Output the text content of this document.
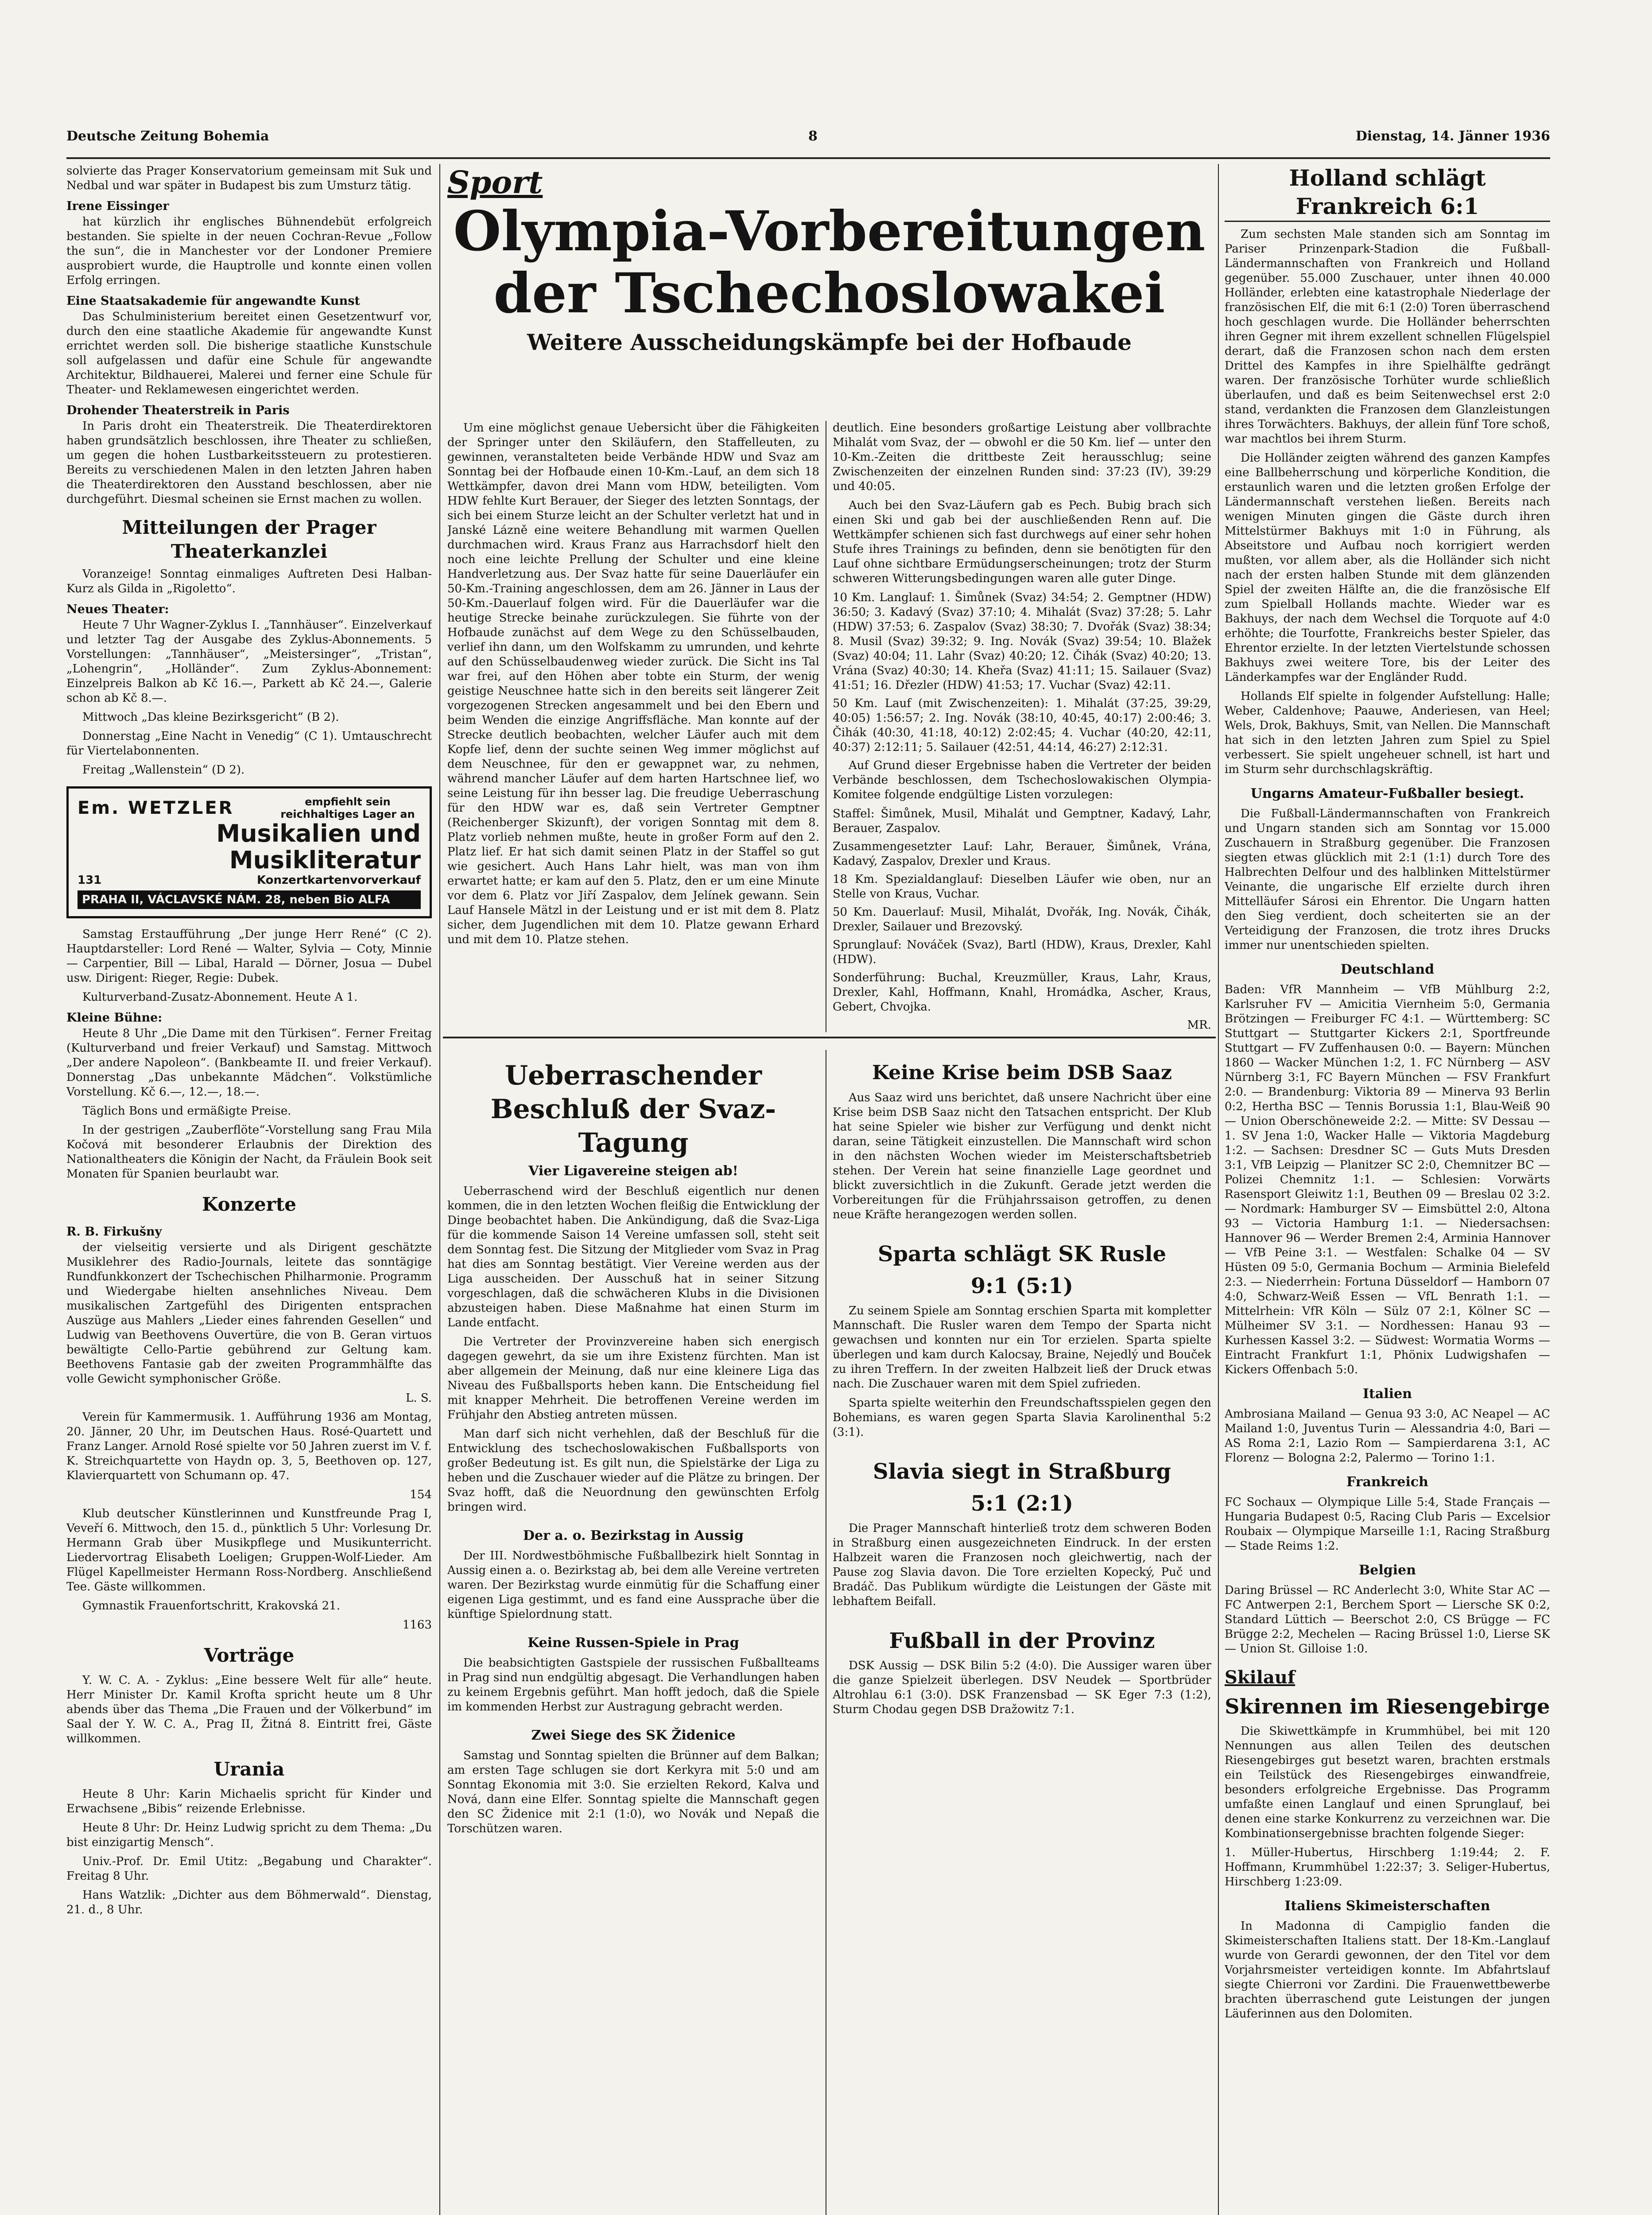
Deutsche Zeitung Bohemia	8	Dienstag, 14. Jänner 1936

solvierte das Prager Konservatorium gemeinsam mit Suk und Nedbal und war später in Budapest bis zum Umsturz tätig.

Irene Eissinger

hat kürzlich ihr englisches Bühnendebüt erfolgreich bestanden. Sie spielte in der neuen Cochran-Revue „Follow the sun“, die in Manchester vor der Londoner Premiere ausprobiert wurde, die Hauptrolle und konnte einen vollen Erfolg erringen.

Eine Staatsakademie für angewandte Kunst

Das Schulministerium bereitet einen Gesetzentwurf vor, durch den eine staatliche Akademie für angewandte Kunst errichtet werden soll. Die bisherige staatliche Kunstschule soll aufgelassen und dafür eine Schule für angewandte Architektur, Bildhauerei, Malerei und ferner eine Schule für Theater- und Reklamewesen eingerichtet werden.

Drohender Theaterstreik in Paris

In Paris droht ein Theaterstreik. Die Theaterdirektoren haben grundsätzlich beschlossen, ihre Theater zu schließen, um gegen die hohen Lustbarkeitssteuern zu protestieren. Bereits zu verschiedenen Malen in den letzten Jahren haben die Theaterdirektoren den Ausstand beschlossen, aber nie durchgeführt. Diesmal scheinen sie Ernst machen zu wollen.

Mitteilungen der Prager Theaterkanzlei

Voranzeige! Sonntag einmaliges Auftreten Desi Halban-Kurz als Gilda in „Rigoletto“.

Neues Theater:

Heute 7 Uhr Wagner-Zyklus I. „Tannhäuser“. Einzelverkauf und letzter Tag der Ausgabe des Zyklus-Abonnements. 5 Vorstellungen: „Tannhäuser“, „Meistersinger“, „Tristan“, „Lohengrin“, „Holländer“. Zum Zyklus-Abonnement: Einzelpreis Balkon ab Kč 16.—, Parkett ab Kč 24.—, Galerie schon ab Kč 8.—.

Mittwoch „Das kleine Bezirksgericht“ (B 2).

Donnerstag „Eine Nacht in Venedig“ (C 1). Umtauschrecht für Viertelabonnenten.

Freitag „Wallenstein“ (D 2).

Em. WETZLER	empfiehlt sein reichhaltiges Lager an
Musikalien und
Musikliteratur
131	Konzertkartenvorverkauf
PRAHA II, VÁCLAVSKÉ NÁM. 28, neben Bio ALFA

Samstag Erstaufführung „Der junge Herr René“ (C 2). Hauptdarsteller: Lord René — Walter, Sylvia — Coty, Minnie — Carpentier, Bill — Libal, Harald — Dörner, Josua — Dubel usw. Dirigent: Rieger, Regie: Dubek.

Kulturverband-Zusatz-Abonnement. Heute A 1.

Kleine Bühne:

Heute 8 Uhr „Die Dame mit den Türkisen“. Ferner Freitag (Kulturverband und freier Verkauf) und Samstag. Mittwoch „Der andere Napoleon“. (Bankbeamte II. und freier Verkauf). Donnerstag „Das unbekannte Mädchen“. Volkstümliche Vorstellung. Kč 6.—, 12.—, 18.—.

Täglich Bons und ermäßigte Preise.

In der gestrigen „Zauberflöte“-Vorstellung sang Frau Mila Kočová mit besonderer Erlaubnis der Direktion des Nationaltheaters die Königin der Nacht, da Fräulein Book seit Monaten für Spanien beurlaubt war.

Konzerte
R. B. Firkušny

der vielseitig versierte und als Dirigent geschätzte Musiklehrer des Radio-Journals, leitete das sonntägige Rundfunkkonzert der Tschechischen Philharmonie. Programm und Wiedergabe hielten ansehnliches Niveau. Dem musikalischen Zartgefühl des Dirigenten entsprachen Auszüge aus Mahlers „Lieder eines fahrenden Gesellen“ und Ludwig van Beethovens Ouvertüre, die von B. Geran virtuos bewältigte Cello-Partie gebührend zur Geltung kam. Beethovens Fantasie gab der zweiten Programmhälfte das volle Gewicht symphonischer Größe.

L. S.

Verein für Kammermusik. 1. Aufführung 1936 am Montag, 20. Jänner, 20 Uhr, im Deutschen Haus. Rosé-Quartett und Franz Langer. Arnold Rosé spielte vor 50 Jahren zuerst im V. f. K. Streichquartette von Haydn op. 3, 5, Beethoven op. 127, Klavierquartett von Schumann op. 47.

154

Klub deutscher Künstlerinnen und Kunstfreunde Prag I, Veveří 6. Mittwoch, den 15. d., pünktlich 5 Uhr: Vorlesung Dr. Hermann Grab über Musikpflege und Musikunterricht. Liedervortrag Elisabeth Loeligen; Gruppen-Wolf-Lieder. Am Flügel Kapellmeister Hermann Ross-Nordberg. Anschließend Tee. Gäste willkommen.

Gymnastik Frauenfortschritt, Krakovská 21.

1163

Vorträge

Y. W. C. A. - Zyklus: „Eine bessere Welt für alle“ heute. Herr Minister Dr. Kamil Krofta spricht heute um 8 Uhr abends über das Thema „Die Frauen und der Völkerbund“ im Saal der Y. W. C. A., Prag II, Žitná 8. Eintritt frei, Gäste willkommen.

Urania

Heute 8 Uhr: Karin Michaelis spricht für Kinder und Erwachsene „Bibis“ reizende Erlebnisse.

Heute 8 Uhr: Dr. Heinz Ludwig spricht zu dem Thema: „Du bist einzigartig Mensch“.

Univ.-Prof. Dr. Emil Utitz: „Begabung und Charakter“. Freitag 8 Uhr.

Hans Watzlik: „Dichter aus dem Böhmerwald“. Dienstag, 21. d., 8 Uhr.

Sport
Olympia-Vorbereitungen
der Tschechoslowakei
Weitere Ausscheidungskämpfe bei der Hofbaude

Um eine möglichst genaue Uebersicht über die Fähigkeiten der Springer unter den Skiläufern, den Staffelleuten, zu gewinnen, veranstalteten beide Verbände HDW und Svaz am Sonntag bei der Hofbaude einen 10-Km.-Lauf, an dem sich 18 Wettkämpfer, davon drei Mann vom HDW, beteiligten. Vom HDW fehlte Kurt Berauer, der Sieger des letzten Sonntags, der sich bei einem Sturze leicht an der Schulter verletzt hat und in Janské Lázně eine weitere Behandlung mit warmen Quellen durchmachen wird. Kraus Franz aus Harrachsdorf hielt den noch eine leichte Prellung der Schulter und eine kleine Handverletzung aus. Der Svaz hatte für seine Dauerläufer ein 50-Km.-Training angeschlossen, dem am 26. Jänner in Laus der 50-Km.-Dauerlauf folgen wird. Für die Dauerläufer war die heutige Strecke beinahe zurückzulegen. Sie führte von der Hofbaude zunächst auf dem Wege zu den Schüsselbauden, verlief ihn dann, um den Wolfskamm zu umrunden, und kehrte auf den Schüsselbaudenweg wieder zurück. Die Sicht ins Tal war frei, auf den Höhen aber tobte ein Sturm, der wenig geistige Neuschnee hatte sich in den bereits seit längerer Zeit vorgezogenen Strecken angesammelt und bei den Ebern und beim Wenden die einzige Angriffsfläche. Man konnte auf der Strecke deutlich beobachten, welcher Läufer auch mit dem Kopfe lief, denn der suchte seinen Weg immer möglichst auf dem Neuschnee, für den er gewappnet war, zu nehmen, während mancher Läufer auf dem harten Hartschnee lief, wo seine Leistung für ihn besser lag. Die freudige Ueberraschung für den HDW war es, daß sein Vertreter Gemptner (Reichenberger Skizunft), der vorigen Sonntag mit dem 8. Platz vorlieb nehmen mußte, heute in großer Form auf den 2. Platz lief. Er hat sich damit seinen Platz in der Staffel so gut wie gesichert. Auch Hans Lahr hielt, was man von ihm erwartet hatte; er kam auf den 5. Platz, den er um eine Minute vor dem 6. Platz vor Jiří Zaspalov, dem Jelínek gewann. Sein Lauf Hansele Mätzl in der Leistung und er ist mit dem 8. Platz sicher, dem Jugendlichen mit dem 10. Platze gewann Erhard und mit dem 10. Platze stehen.

deutlich. Eine besonders großartige Leistung aber vollbrachte Mihalát vom Svaz, der — obwohl er die 50 Km. lief — unter den 10-Km.-Zeiten die drittbeste Zeit herausschlug; seine Zwischenzeiten der einzelnen Runden sind: 37:23 (IV), 39:29 und 40:05.

Auch bei den Svaz-Läufern gab es Pech. Bubig brach sich einen Ski und gab bei der auschließenden Renn auf. Die Wettkämpfer schienen sich fast durchwegs auf einer sehr hohen Stufe ihres Trainings zu befinden, denn sie benötigten für den Lauf ohne sichtbare Ermüdungserscheinungen; trotz der Sturm schweren Witterungsbedingungen waren alle guter Dinge.

10 Km. Langlauf: 1. Šimůnek (Svaz) 34:54; 2. Gemptner (HDW) 36:50; 3. Kadavý (Svaz) 37:10; 4. Mihalát (Svaz) 37:28; 5. Lahr (HDW) 37:53; 6. Zaspalov (Svaz) 38:30; 7. Dvořák (Svaz) 38:34; 8. Musil (Svaz) 39:32; 9. Ing. Novák (Svaz) 39:54; 10. Blažek (Svaz) 40:04; 11. Lahr (Svaz) 40:20; 12. Čihák (Svaz) 40:20; 13. Vrána (Svaz) 40:30; 14. Kheřa (Svaz) 41:11; 15. Sailauer (Svaz) 41:51; 16. Dřezler (HDW) 41:53; 17. Vuchar (Svaz) 42:11.

50 Km. Lauf (mit Zwischenzeiten): 1. Mihalát (37:25, 39:29, 40:05) 1:56:57; 2. Ing. Novák (38:10, 40:45, 40:17) 2:00:46; 3. Čihák (40:30, 41:18, 40:12) 2:02:45; 4. Vuchar (40:20, 42:11, 40:37) 2:12:11; 5. Sailauer (42:51, 44:14, 46:27) 2:12:31.

Auf Grund dieser Ergebnisse haben die Vertreter der beiden Verbände beschlossen, dem Tschechoslowakischen Olympia-Komitee folgende endgültige Listen vorzulegen:

Staffel: Šimůnek, Musil, Mihalát und Gemptner, Kadavý, Lahr, Berauer, Zaspalov.

Zusammengesetzter Lauf: Lahr, Berauer, Šimůnek, Vrána, Kadavý, Zaspalov, Drexler und Kraus.

18 Km. Spezialdanglauf: Dieselben Läufer wie oben, nur an Stelle von Kraus, Vuchar.

50 Km. Dauerlauf: Musil, Mihalát, Dvořák, Ing. Novák, Čihák, Drexler, Sailauer und Brezovský.

Sprunglauf: Nováček (Svaz), Bartl (HDW), Kraus, Drexler, Kahl (HDW).

Sonderführung: Buchal, Kreuzmüller, Kraus, Lahr, Kraus, Drexler, Kahl, Hoffmann, Knahl, Hromádka, Ascher, Kraus, Gebert, Chvojka.

MR.

Ueberraschender Beschluß der Svaz-Tagung
Vier Ligavereine steigen ab!

Ueberraschend wird der Beschluß eigentlich nur denen kommen, die in den letzten Wochen fleißig die Entwicklung der Dinge beobachtet haben. Die Ankündigung, daß die Svaz-Liga für die kommende Saison 14 Vereine umfassen soll, steht seit dem Sonntag fest. Die Sitzung der Mitglieder vom Svaz in Prag hat dies am Sonntag bestätigt. Vier Vereine werden aus der Liga ausscheiden. Der Ausschuß hat in seiner Sitzung vorgeschlagen, daß die schwächeren Klubs in die Divisionen abzusteigen haben. Diese Maßnahme hat einen Sturm im Lande entfacht.

Die Vertreter der Provinzvereine haben sich energisch dagegen gewehrt, da sie um ihre Existenz fürchten. Man ist aber allgemein der Meinung, daß nur eine kleinere Liga das Niveau des Fußballsports heben kann. Die Entscheidung fiel mit knapper Mehrheit. Die betroffenen Vereine werden im Frühjahr den Abstieg antreten müssen.

Man darf sich nicht verhehlen, daß der Beschluß für die Entwicklung des tschechoslowakischen Fußballsports von großer Bedeutung ist. Es gilt nun, die Spielstärke der Liga zu heben und die Zuschauer wieder auf die Plätze zu bringen. Der Svaz hofft, daß die Neuordnung den gewünschten Erfolg bringen wird.

Der a. o. Bezirkstag in Aussig

Der III. Nordwestböhmische Fußballbezirk hielt Sonntag in Aussig einen a. o. Bezirkstag ab, bei dem alle Vereine vertreten waren. Der Bezirkstag wurde einmütig für die Schaffung einer eigenen Liga gestimmt, und es fand eine Aussprache über die künftige Spielordnung statt.

Keine Russen-Spiele in Prag

Die beabsichtigten Gastspiele der russischen Fußballteams in Prag sind nun endgültig abgesagt. Die Verhandlungen haben zu keinem Ergebnis geführt. Man hofft jedoch, daß die Spiele im kommenden Herbst zur Austragung gebracht werden.

Zwei Siege des SK Židenice

Samstag und Sonntag spielten die Brünner auf dem Balkan; am ersten Tage schlugen sie dort Kerkyra mit 5:0 und am Sonntag Ekonomia mit 3:0. Sie erzielten Rekord, Kalva und Nová, dann eine Elfer. Sonntag spielte die Mannschaft gegen den SC Židenice mit 2:1 (1:0), wo Novák und Nepaß die Torschützen waren.

Keine Krise beim DSB Saaz

Aus Saaz wird uns berichtet, daß unsere Nachricht über eine Krise beim DSB Saaz nicht den Tatsachen entspricht. Der Klub hat seine Spieler wie bisher zur Verfügung und denkt nicht daran, seine Tätigkeit einzustellen. Die Mannschaft wird schon in den nächsten Wochen wieder im Meisterschaftsbetrieb stehen. Der Verein hat seine finanzielle Lage geordnet und blickt zuversichtlich in die Zukunft. Gerade jetzt werden die Vorbereitungen für die Frühjahrssaison getroffen, zu denen neue Kräfte herangezogen werden sollen.

Sparta schlägt SK Rusle
9:1 (5:1)

Zu seinem Spiele am Sonntag erschien Sparta mit kompletter Mannschaft. Die Rusler waren dem Tempo der Sparta nicht gewachsen und konnten nur ein Tor erzielen. Sparta spielte überlegen und kam durch Kalocsay, Braine, Nejedlý und Bouček zu ihren Treffern. In der zweiten Halbzeit ließ der Druck etwas nach. Die Zuschauer waren mit dem Spiel zufrieden.

Sparta spielte weiterhin den Freundschaftsspielen gegen den Bohemians, es waren gegen Sparta Slavia Karolinenthal 5:2 (3:1).

Slavia siegt in Straßburg
5:1 (2:1)

Die Prager Mannschaft hinterließ trotz dem schweren Boden in Straßburg einen ausgezeichneten Eindruck. In der ersten Halbzeit waren die Franzosen noch gleichwertig, nach der Pause zog Slavia davon. Die Tore erzielten Kopecký, Puč und Bradáč. Das Publikum würdigte die Leistungen der Gäste mit lebhaftem Beifall.

Fußball in der Provinz

DSK Aussig — DSK Bilin 5:2 (4:0). Die Aussiger waren über die ganze Spielzeit überlegen. DSV Neudek — Sportbrüder Altrohlau 6:1 (3:0). DSK Franzensbad — SK Eger 7:3 (1:2), Sturm Chodau gegen DSB Dražowitz 7:1.

Holland schlägt Frankreich 6:1

Zum sechsten Male standen sich am Sonntag im Pariser Prinzenpark-Stadion die Fußball-Ländermannschaften von Frankreich und Holland gegenüber. 55.000 Zuschauer, unter ihnen 40.000 Holländer, erlebten eine katastrophale Niederlage der französischen Elf, die mit 6:1 (2:0) Toren überraschend hoch geschlagen wurde. Die Holländer beherrschten ihren Gegner mit ihrem exzellent schnellen Flügelspiel derart, daß die Franzosen schon nach dem ersten Drittel des Kampfes in ihre Spielhälfte gedrängt waren. Der französische Torhüter wurde schließlich überlaufen, und daß es beim Seitenwechsel erst 2:0 stand, verdankten die Franzosen dem Glanzleistungen ihres Torwächters. Bakhuys, der allein fünf Tore schoß, war machtlos bei ihrem Sturm.

Die Holländer zeigten während des ganzen Kampfes eine Ballbeherrschung und körperliche Kondition, die erstaunlich waren und die letzten großen Erfolge der Ländermannschaft verstehen ließen. Bereits nach wenigen Minuten gingen die Gäste durch ihren Mittelstürmer Bakhuys mit 1:0 in Führung, als Abseitstore und Aufbau noch korrigiert werden mußten, vor allem aber, als die Holländer sich nicht nach der ersten halben Stunde mit dem glänzenden Spiel der zweiten Hälfte an, die die französische Elf zum Spielball Hollands machte. Wieder war es Bakhuys, der nach dem Wechsel die Torquote auf 4:0 erhöhte; die Tourfotte, Frankreichs bester Spieler, das Ehrentor erzielte. In der letzten Viertelstunde schossen Bakhuys zwei weitere Tore, bis der Leiter des Länderkampfes war der Engländer Rudd.

Hollands Elf spielte in folgender Aufstellung: Halle; Weber, Caldenhove; Paauwe, Anderiesen, van Heel; Wels, Drok, Bakhuys, Smit, van Nellen. Die Mannschaft hat sich in den letzten Jahren zum Spiel zu Spiel verbessert. Sie spielt ungeheuer schnell, ist hart und im Sturm sehr durchschlagskräftig.

Ungarns Amateur-Fußballer besiegt.

Die Fußball-Ländermannschaften von Frankreich und Ungarn standen sich am Sonntag vor 15.000 Zuschauern in Straßburg gegenüber. Die Franzosen siegten etwas glücklich mit 2:1 (1:1) durch Tore des Halbrechten Delfour und des halblinken Mittelstürmer Veinante, die ungarische Elf erzielte durch ihren Mittelläufer Sárosi ein Ehrentor. Die Ungarn hatten den Sieg verdient, doch scheiterten sie an der Verteidigung der Franzosen, die trotz ihres Drucks immer nur unentschieden spielten.

Deutschland

Baden: VfR Mannheim — VfB Mühlburg 2:2, Karlsruher FV — Amicitia Viernheim 5:0, Germania Brötzingen — Freiburger FC 4:1. — Württemberg: SC Stuttgart — Stuttgarter Kickers 2:1, Sportfreunde Stuttgart — FV Zuffenhausen 0:0. — Bayern: München 1860 — Wacker München 1:2, 1. FC Nürnberg — ASV Nürnberg 3:1, FC Bayern München — FSV Frankfurt 2:0. — Brandenburg: Viktoria 89 — Minerva 93 Berlin 0:2, Hertha BSC — Tennis Borussia 1:1, Blau-Weiß 90 — Union Oberschöneweide 2:2. — Mitte: SV Dessau — 1. SV Jena 1:0, Wacker Halle — Viktoria Magdeburg 1:2. — Sachsen: Dresdner SC — Guts Muts Dresden 3:1, VfB Leipzig — Planitzer SC 2:0, Chemnitzer BC — Polizei Chemnitz 1:1. — Schlesien: Vorwärts Rasensport Gleiwitz 1:1, Beuthen 09 — Breslau 02 3:2. — Nordmark: Hamburger SV — Eimsbüttel 2:0, Altona 93 — Victoria Hamburg 1:1. — Niedersachsen: Hannover 96 — Werder Bremen 2:4, Arminia Hannover — VfB Peine 3:1. — Westfalen: Schalke 04 — SV Hüsten 09 5:0, Germania Bochum — Arminia Bielefeld 2:3. — Niederrhein: Fortuna Düsseldorf — Hamborn 07 4:0, Schwarz-Weiß Essen — VfL Benrath 1:1. — Mittelrhein: VfR Köln — Sülz 07 2:1, Kölner SC — Mülheimer SV 3:1. — Nordhessen: Hanau 93 — Kurhessen Kassel 3:2. — Südwest: Wormatia Worms — Eintracht Frankfurt 1:1, Phönix Ludwigshafen — Kickers Offenbach 5:0.

Italien

Ambrosiana Mailand — Genua 93 3:0, AC Neapel — AC Mailand 1:0, Juventus Turin — Alessandria 4:0, Bari — AS Roma 2:1, Lazio Rom — Sampierdarena 3:1, AC Florenz — Bologna 2:2, Palermo — Torino 1:1.

Frankreich

FC Sochaux — Olympique Lille 5:4, Stade Français — Hungaria Budapest 0:5, Racing Club Paris — Excelsior Roubaix — Olympique Marseille 1:1, Racing Straßburg — Stade Reims 1:2.

Belgien

Daring Brüssel — RC Anderlecht 3:0, White Star AC — FC Antwerpen 2:1, Berchem Sport — Liersche SK 0:2, Standard Lüttich — Beerschot 2:0, CS Brügge — FC Brügge 2:2, Mechelen — Racing Brüssel 1:0, Lierse SK — Union St. Gilloise 1:0.

Skilauf
Skirennen im Riesengebirge

Die Skiwettkämpfe in Krummhübel, bei mit 120 Nennungen aus allen Teilen des deutschen Riesengebirges gut besetzt waren, brachten erstmals ein Teilstück des Riesengebirges einwandfreie, besonders erfolgreiche Ergebnisse. Das Programm umfaßte einen Langlauf und einen Sprunglauf, bei denen eine starke Konkurrenz zu verzeichnen war. Die Kombinationsergebnisse brachten folgende Sieger:

1. Müller-Hubertus, Hirschberg 1:19:44; 2. F. Hoffmann, Krummhübel 1:22:37; 3. Seliger-Hubertus, Hirschberg 1:23:09.

Italiens Skimeisterschaften

In Madonna di Campiglio fanden die Skimeisterschaften Italiens statt. Der 18-Km.-Langlauf wurde von Gerardi gewonnen, der den Titel vor dem Vorjahrsmeister verteidigen konnte. Im Abfahrtslauf siegte Chierroni vor Zardini. Die Frauenwettbewerbe brachten überraschend gute Leistungen der jungen Läuferinnen aus den Dolomiten.
